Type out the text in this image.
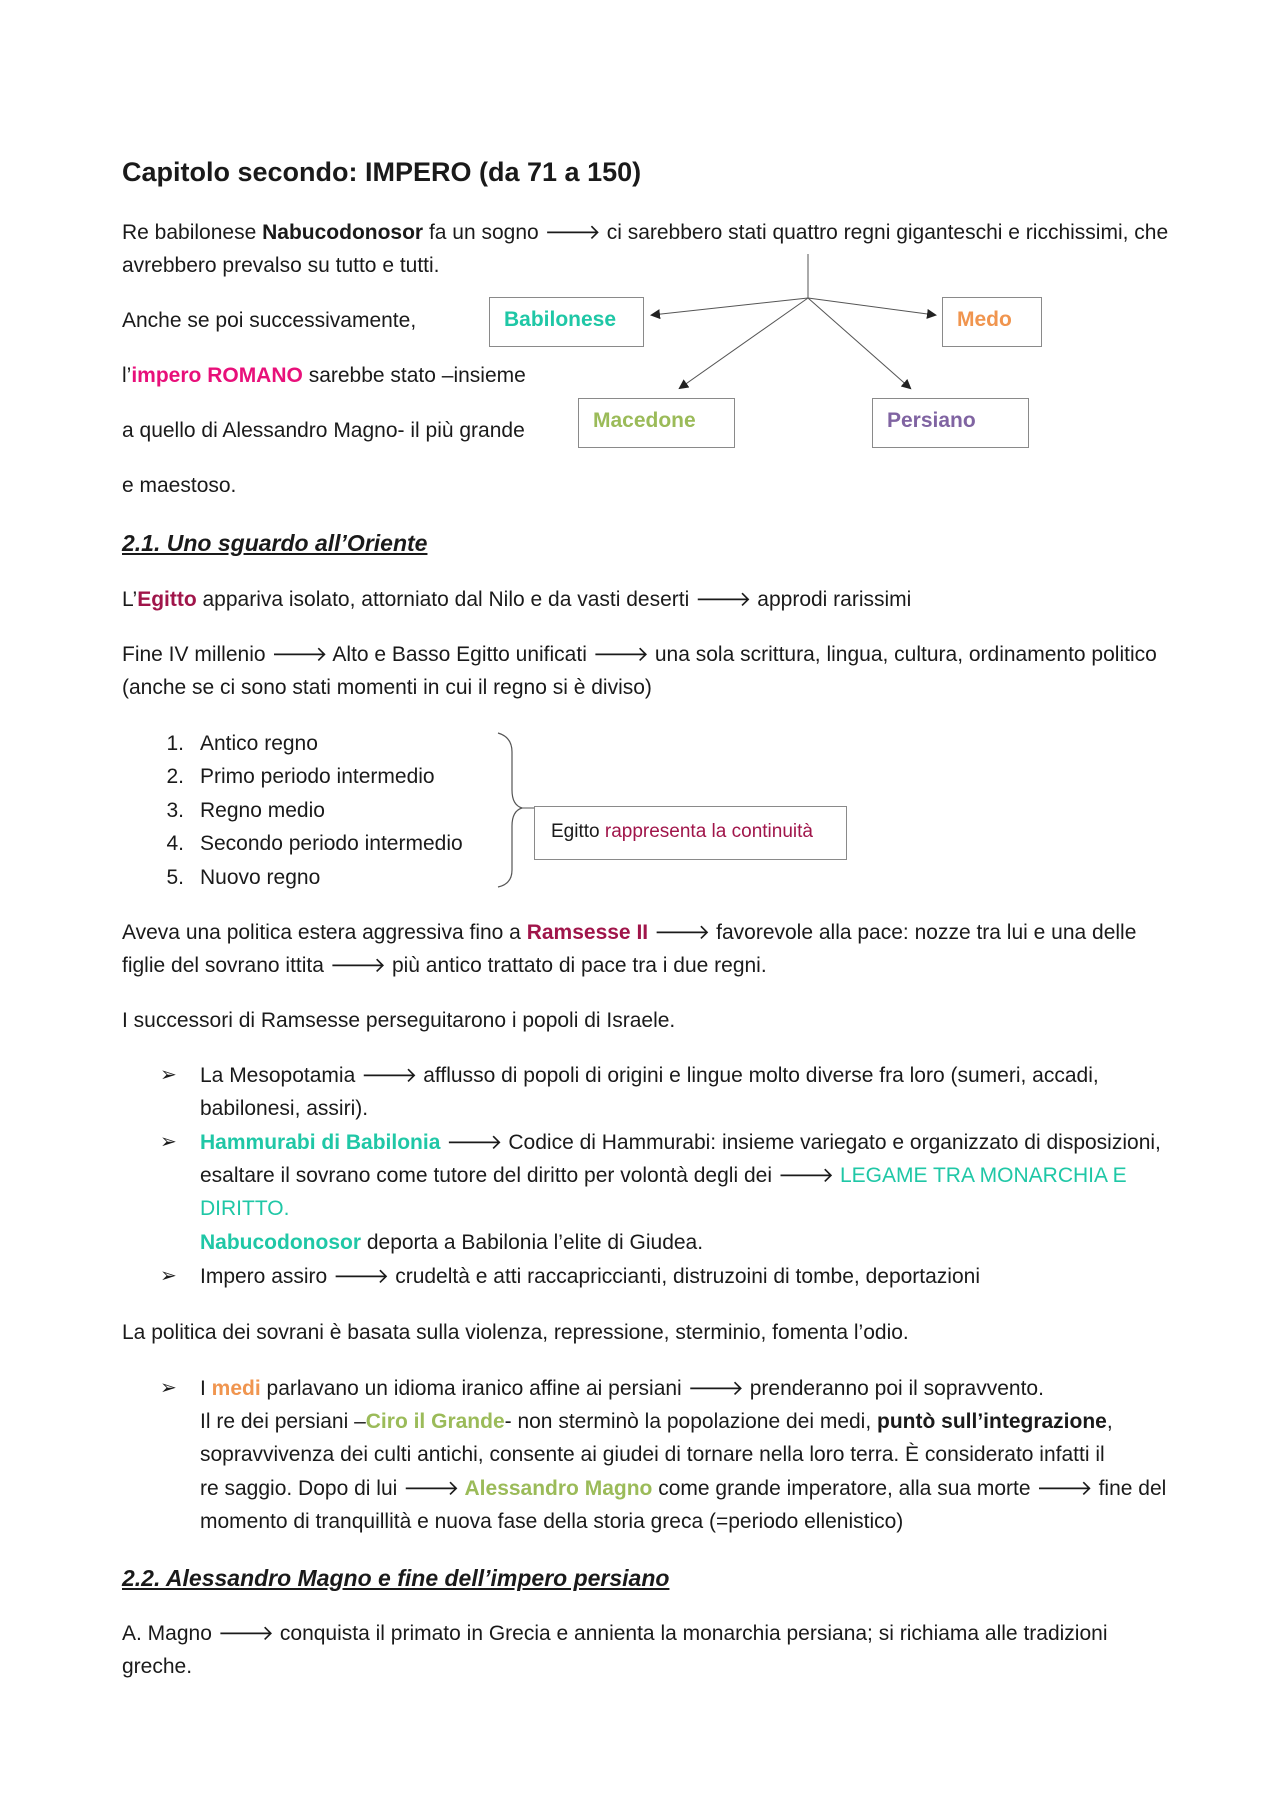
Capitolo secondo: IMPERO (da 71 a 150)
Re babilonese Nabucodonosor fa un sogno 🡒 ci sarebbero stati quattro regni giganteschi e ricchissimi, che
avrebbero prevalso su tutto e tutti.
Anche se poi successivamente,
l’impero ROMANO sarebbe stato –insieme
a quello di Alessandro Magno- il più grande
e maestoso.
Babilonese	Medo
Macedone	Persiano
2.1. Uno sguardo all’Oriente
L’Egitto apparivа isolato, attorniato dal Nilo e da vasti deserti 🡒 approdi rarissimi
Fine IV millenio 🡒 Alto e Basso Egitto unificati 🡒 una sola scrittura, lingua, cultura, ordinamento politico
(anche se ci sono stati momenti in cui il regno si è diviso)
1. Antico regno
2. Primo periodo intermedio
3. Regno medio
4. Secondo periodo intermedio
5. Nuovo regno
Egitto rappresenta la continuità
Aveva una politica estera aggressiva fino a Ramsesse II 🡒 favorevole alla pace: nozze tra lui e una delle
figlie del sovrano ittita 🡒 più antico trattato di pace tra i due regni.
I successori di Ramsesse perseguitarono i popoli di Israele.
➢ La Mesopotamia 🡒 afflusso di popoli di origini e lingue molto diverse fra loro (sumeri, accadi,
babilonesi, assiri).
➢ Hammurabi di Babilonia 🡒 Codice di Hammurabi: insieme variegato e organizzato di disposizioni,
esaltare il sovrano come tutore del diritto per volontà degli dei 🡒 LEGAME TRA MONARCHIA E
DIRITTO.
Nabucodonosor deporta a Babilonia l’elite di Giudea.
➢ Impero assiro 🡒 crudeltà e atti raccapriccianti, distruzoini di tombe, deportazioni
La politica dei sovrani è basata sulla violenza, repressione, sterminio, fomenta l’odio.
➢ I medi parlavano un idioma iranico affine ai persiani 🡒 prenderanno poi il sopravvento.
Il re dei persiani –Ciro il Grande- non sterminò la popolazione dei medi, puntò sull’integrazione,
sopravvivenza dei culti antichi, consente ai giudei di tornare nella loro terra. È considerato infatti il
re saggio. Dopo di lui 🡒 Alessandro Magno come grande imperatore, alla sua morte 🡒 fine del
momento di tranquillità e nuova fase della storia greca (=periodo ellenistico)
2.2. Alessandro Magno e fine dell’impero persiano
A. Magno 🡒 conquista il primato in Grecia e annienta la monarchia persiana; si richiama alle tradizioni
greche.
